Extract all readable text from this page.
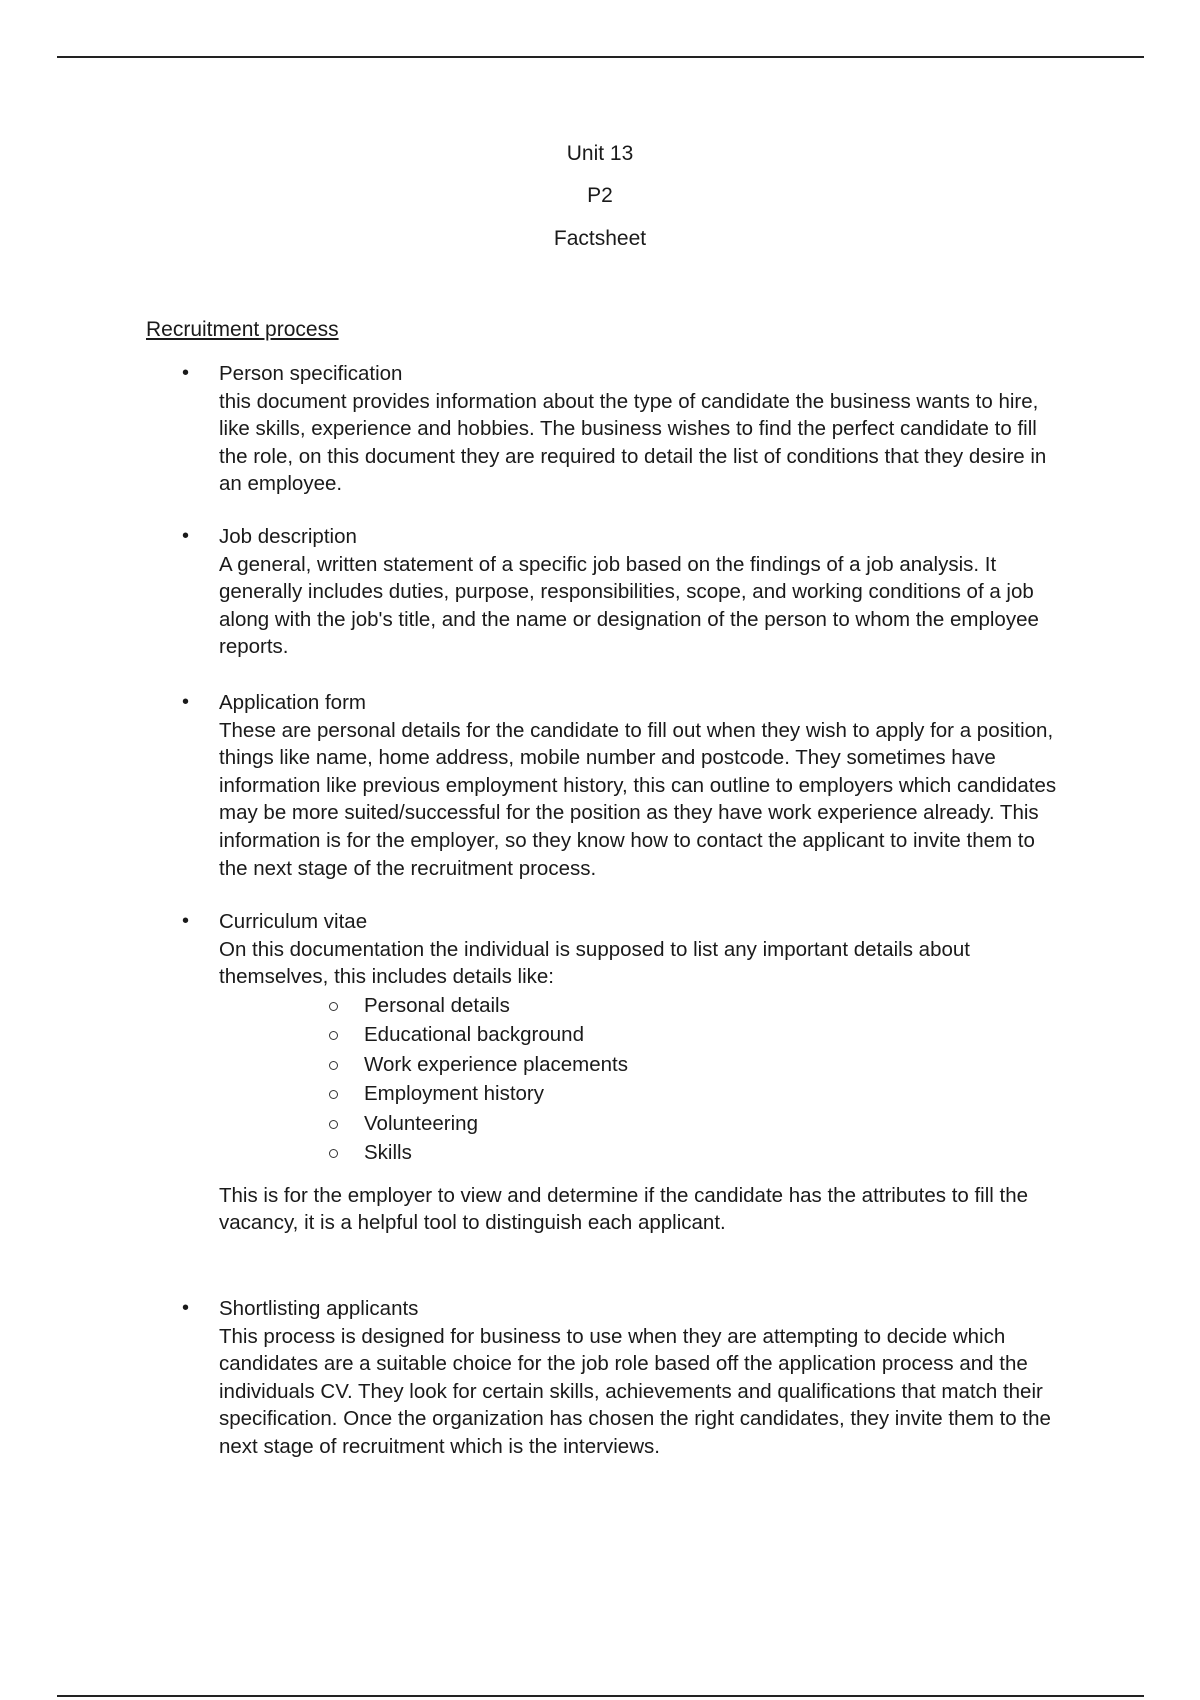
Unit 13
P2
Factsheet
Recruitment process
• Person specification
this document provides information about the type of candidate the business wants to hire, like skills, experience and hobbies. The business wishes to find the perfect candidate to fill the role, on this document they are required to detail the list of conditions that they desire in an employee.
• Job description
A general, written statement of a specific job based on the findings of a job analysis. It generally includes duties, purpose, responsibilities, scope, and working conditions of a job along with the job's title, and the name or designation of the person to whom the employee reports.
• Application form
These are personal details for the candidate to fill out when they wish to apply for a position, things like name, home address, mobile number and postcode. They sometimes have information like previous employment history, this can outline to employers which candidates may be more suited/successful for the position as they have work experience already. This information is for the employer, so they know how to contact the applicant to invite them to the next stage of the recruitment process.
• Curriculum vitae
On this documentation the individual is supposed to list any important details about themselves, this includes details like:
Personal details
Educational background
Work experience placements
Employment history
Volunteering
Skills
This is for the employer to view and determine if the candidate has the attributes to fill the vacancy, it is a helpful tool to distinguish each applicant.
• Shortlisting applicants
This process is designed for business to use when they are attempting to decide which candidates are a suitable choice for the job role based off the application process and the individuals CV. They look for certain skills, achievements and qualifications that match their specification. Once the organization has chosen the right candidates, they invite them to the next stage of recruitment which is the interviews.
